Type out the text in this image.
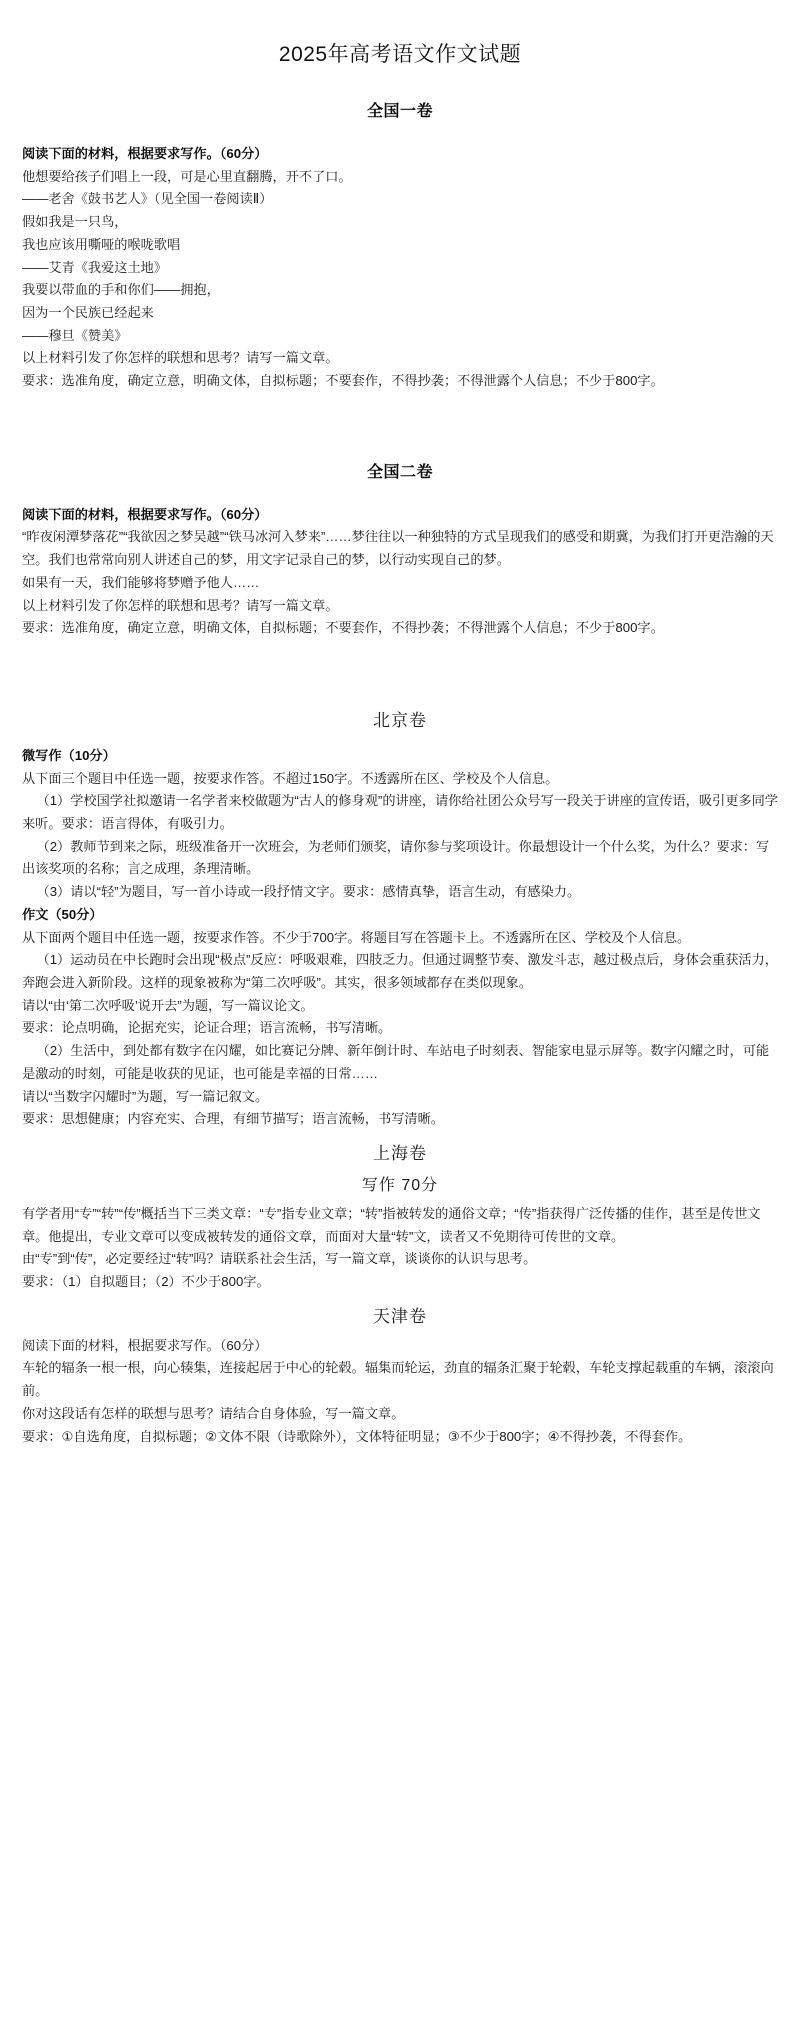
2025年高考语文作文试题
全国一卷

阅读下面的材料，根据要求写作。（60分）

他想要给孩子们唱上一段，可是心里直翻腾，开不了口。

——老舍《鼓书艺人》（见全国一卷阅读Ⅱ）

假如我是一只鸟，

我也应该用嘶哑的喉咙歌唱

——艾青《我爱这土地》

我要以带血的手和你们——拥抱，

因为一个民族已经起来

——穆旦《赞美》

以上材料引发了你怎样的联想和思考？请写一篇文章。

要求：选准角度，确定立意，明确文体，自拟标题；不要套作，不得抄袭；不得泄露个人信息；不少于800字。

全国二卷

阅读下面的材料，根据要求写作。（60分）

“昨夜闲潭梦落花”“我欲因之梦吴越”“铁马冰河入梦来”……梦往往以一种独特的方式呈现我们的感受和期冀，为我们打开更浩瀚的天空。我们也常常向别人讲述自己的梦，用文字记录自己的梦，以行动实现自己的梦。

如果有一天，我们能够将梦赠予他人……

以上材料引发了你怎样的联想和思考？请写一篇文章。

要求：选准角度，确定立意，明确文体，自拟标题；不要套作，不得抄袭；不得泄露个人信息；不少于800字。

北京卷

微写作（10分）

从下面三个题目中任选一题，按要求作答。不超过150字。不透露所在区、学校及个人信息。

（1）学校国学社拟邀请一名学者来校做题为“古人的修身观”的讲座，请你给社团公众号写一段关于讲座的宣传语，吸引更多同学来听。要求：语言得体，有吸引力。

（2）教师节到来之际，班级准备开一次班会，为老师们颁奖，请你参与奖项设计。你最想设计一个什么奖，为什么？要求：写出该奖项的名称；言之成理，条理清晰。

（3）请以“轻”为题目，写一首小诗或一段抒情文字。要求：感情真挚，语言生动，有感染力。

作文（50分）

从下面两个题目中任选一题，按要求作答。不少于700字。将题目写在答题卡上。不透露所在区、学校及个人信息。

（1）运动员在中长跑时会出现“极点”反应：呼吸艰难，四肢乏力。但通过调整节奏、激发斗志，越过极点后，身体会重获活力，奔跑会进入新阶段。这样的现象被称为“第二次呼吸”。其实，很多领域都存在类似现象。

请以“由‘第二次呼吸’说开去”为题，写一篇议论文。

要求：论点明确，论据充实，论证合理；语言流畅，书写清晰。

（2）生活中，到处都有数字在闪耀，如比赛记分牌、新年倒计时、车站电子时刻表、智能家电显示屏等。数字闪耀之时，可能是激动的时刻，可能是收获的见证，也可能是幸福的日常……

请以“当数字闪耀时”为题，写一篇记叙文。

要求：思想健康；内容充实、合理，有细节描写；语言流畅，书写清晰。

上海卷

写作 70分

有学者用“专”“转”“传”概括当下三类文章：“专”指专业文章；“转”指被转发的通俗文章；“传”指获得广泛传播的佳作，甚至是传世文章。他提出，专业文章可以变成被转发的通俗文章，而面对大量“转”文，读者又不免期待可传世的文章。

由“专”到“传”，必定要经过“转”吗？请联系社会生活，写一篇文章，谈谈你的认识与思考。

要求：（1）自拟题目；（2）不少于800字。

天津卷

阅读下面的材料，根据要求写作。（60分）

车轮的辐条一根一根，向心辏集，连接起居于中心的轮毂。辐集而轮运，劲直的辐条汇聚于轮毂，车轮支撑起载重的车辆，滚滚向前。

你对这段话有怎样的联想与思考？请结合自身体验，写一篇文章。

要求：①自选角度，自拟标题；②文体不限（诗歌除外），文体特征明显；③不少于800字；④不得抄袭，不得套作。
